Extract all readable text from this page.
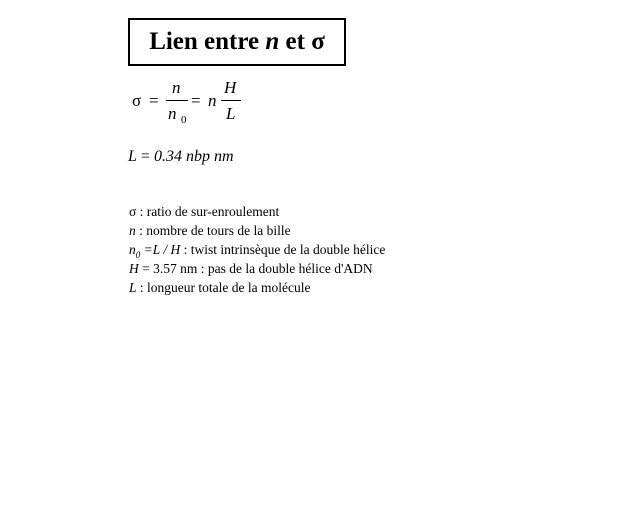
Lien entre n et σ
σ =
n
n 0
= n
H
L
L = 0.34 nbp nm
σ : ratio de sur-enroulement
n : nombre de tours de la bille
$n_0 =L / H$ : twist intrinsèque de la double hélice
H = 3.57 nm : pas de la double hélice d'ADN
L : longueur totale de la molécule
